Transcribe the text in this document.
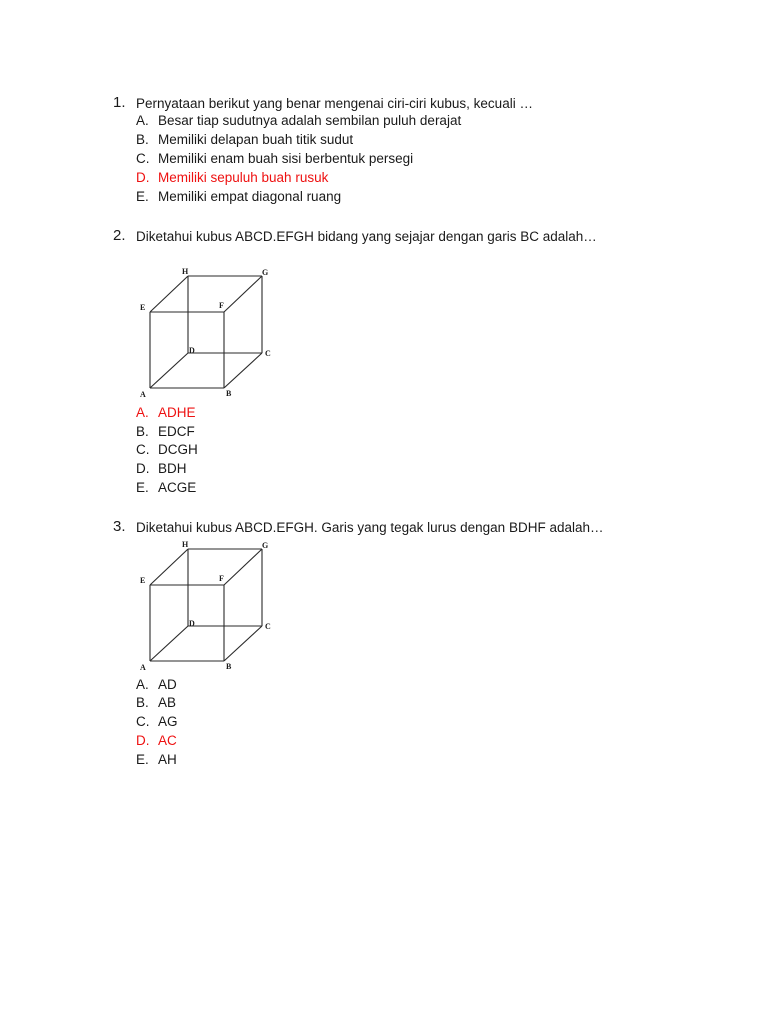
1. Pernyataan berikut yang benar mengenai ciri-ciri kubus, kecuali …
A. Besar tiap sudutnya adalah sembilan puluh derajat
B. Memiliki delapan buah titik sudut
C. Memiliki enam buah sisi berbentuk persegi
D. Memiliki sepuluh buah rusuk
E. Memiliki empat diagonal ruang
2. Diketahui kubus ABCD.EFGH bidang yang sejajar dengan garis BC adalah…
A	B
C
D
E	F
G
H
A. ADHE
B. EDCF
C. DCGH
D. BDH
E. ACGE
3. Diketahui kubus ABCD.EFGH. Garis yang tegak lurus dengan BDHF adalah…
A	B
C
D
E	F
G
H
A. AD
B. AB
C. AG
D. AC
E. AH
